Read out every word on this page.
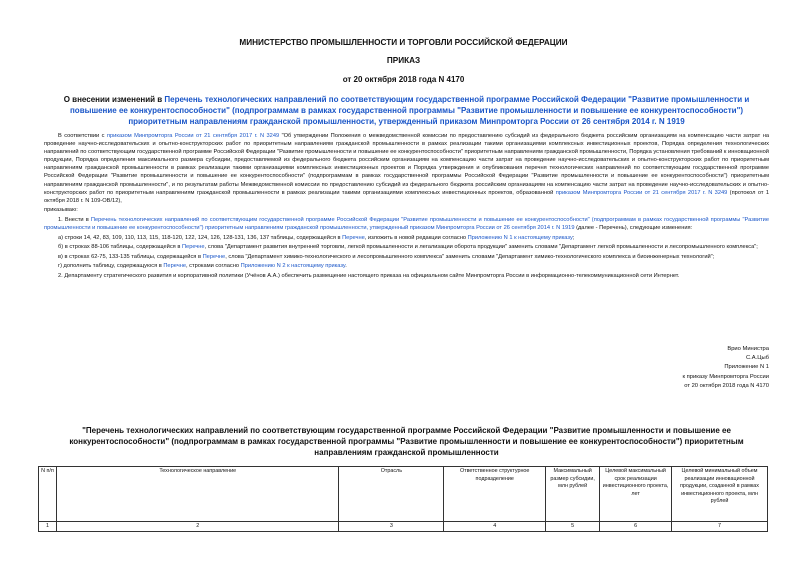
МИНИСТЕРСТВО ПРОМЫШЛЕННОСТИ И ТОРГОВЛИ РОССИЙСКОЙ ФЕДЕРАЦИИ
ПРИКАЗ
от 20 октября 2018 года N 4170
О внесении изменений в Перечень технологических направлений по соответствующим государственной программе Российской Федерации "Развитие промышленности и повышение ее конкурентоспособности" (подпрограммам в рамках государственной программы "Развитие промышленности и повышение ее конкурентоспособности") приоритетным направлениям гражданской промышленности, утвержденный приказом Минпромторга России от 26 сентября 2014 г. N 1919

В соответствии с приказом Минпромторга России от 21 сентября 2017 г. N 3249 "Об утверждении Положения о межведомственной комиссии по предоставлению субсидий из федерального бюджета российским организациям на компенсацию части затрат на проведение научно-исследовательских и опытно-конструкторских работ по приоритетным направлениям гражданской промышленности в рамках реализации такими организациями комплексных инвестиционных проектов, Порядка определения технологических направлений по соответствующим государственной программе Российской Федерации "Развитие промышленности и повышение ее конкурентоспособности" приоритетным направлениям гражданской промышленности, Порядка установления требований к инновационной продукции, Порядка определения максимального размера субсидии, предоставляемой из федерального бюджета российским организациям на компенсацию части затрат на проведение научно-исследовательских и опытно-конструкторских работ по приоритетным направлениям гражданской промышленности в рамках реализации такими организациями комплексных инвестиционных проектов и Порядка утверждения и опубликования перечня технологических направлений по соответствующим государственной программе Российской Федерации "Развитие промышленности и повышение ее конкурентоспособности" (подпрограммам в рамках государственной программы Российской Федерации "Развитие промышленности и повышение ее конкурентоспособности") приоритетным направлениям гражданской промышленности", и по результатам работы Межведомственной комиссии по предоставлению субсидий из федерального бюджета российским организациям на компенсацию части затрат на проведение научно-исследовательских и опытно-конструкторских работ по приоритетным направлениям гражданской промышленности в рамках реализации такими организациями комплексных инвестиционных проектов, образованной приказом Минпромторга России от 21 сентября 2017 г. N 3249 (протокол от 1 октября 2018 г. N 109-ОВ/12),

приказываю:

1. Внести в Перечень технологических направлений по соответствующим государственной программе Российской Федерации "Развитие промышленности и повышение ее конкурентоспособности" (подпрограммам в рамках государственной программы "Развитие промышленности и повышение ее конкурентоспособности") приоритетным направлениям гражданской промышленности, утвержденный приказом Минпромторга России от 26 сентября 2014 г. N 1919 (далее - Перечень), следующие изменения:

а) строки 14, 42, 83, 109, 110, 113, 115, 118-120, 122, 124, 126, 128-131, 136, 137 таблицы, содержащейся в Перечне, изложить в новой редакции согласно Приложению N 1 к настоящему приказу;

б) в строках 88-106 таблицы, содержащейся в Перечне, слова "Департамент развития внутренней торговли, легкой промышленности и легализации оборота продукции" заменить словами "Департамент легкой промышленности и лесопромышленного комплекса";

в) в строках 62-75, 133-135 таблицы, содержащейся в Перечне, слова "Департамент химико-технологического и лесопромышленного комплекса" заменить словами "Департамент химико-технологического комплекса и биоинженерных технологий";

г) дополнить таблицу, содержащуюся в Перечне, строками согласно Приложению N 2 к настоящему приказу.

2. Департаменту стратегического развития и корпоративной политики (Учёнов А.А.) обеспечить размещение настоящего приказа на официальном сайте Минпромторга России в информационно-телекоммуникационной сети Интернет.

Врио Министра
С.А.Цыб
Приложение N 1
к приказу Минпромторга России
от 20 октября 2018 года N 4170
"Перечень технологических направлений по соответствующим государственной программе Российской Федерации "Развитие промышленности и повышение ее конкурентоспособности" (подпрограммам в рамках государственной программы "Развитие промышленности и повышение ее конкурентоспособности") приоритетным направлениям гражданской промышленности
N п/п	Технологическое направление	Отрасль	Ответственное структурное подразделение	Максимальный размер субсидии, млн рублей	Целевой максимальный срок реализации инвестиционного проекта, лет	Целевой минимальный объем реализации инновационной продукции, созданной в рамках инвестиционного проекта, млн рублей
1	2	3	4	5	6	7
